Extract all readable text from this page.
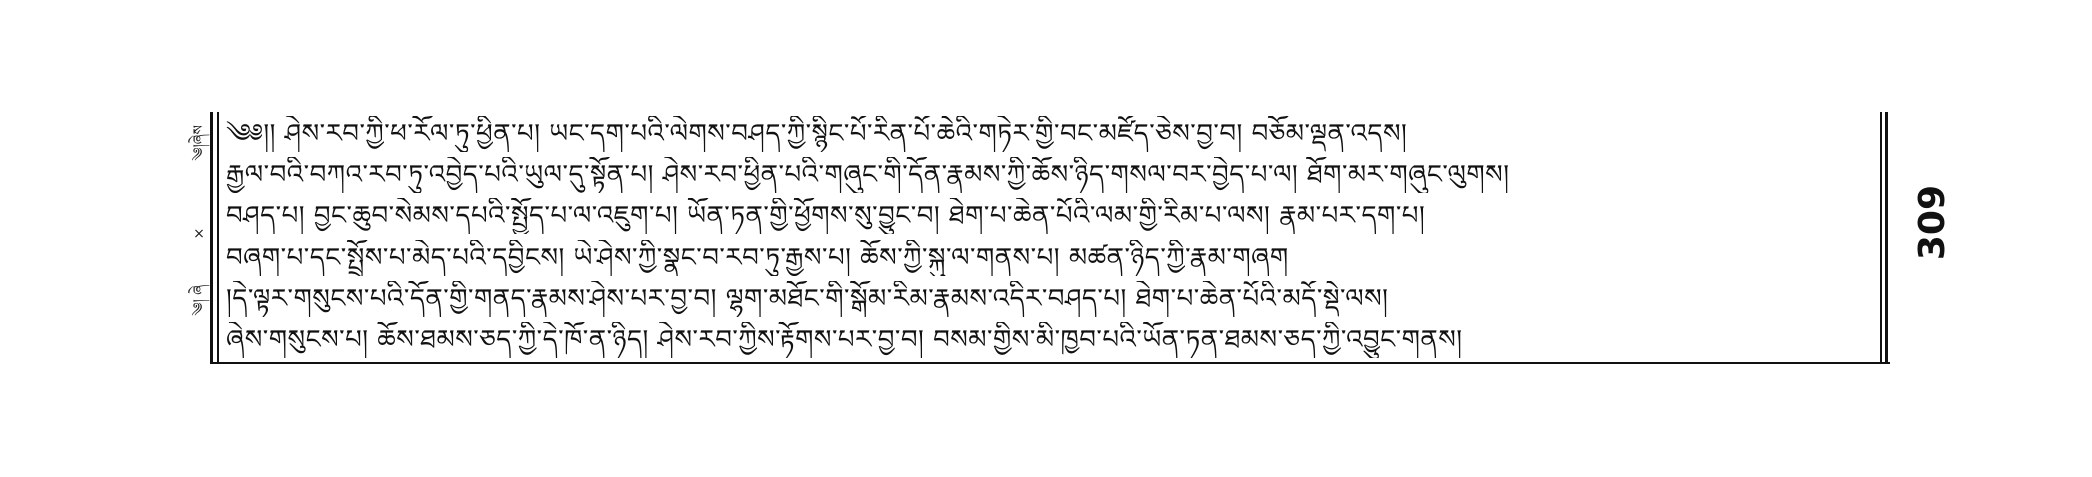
༄།ཞེས
×
༄། ཞེ
༄༅།། ཤེས་རབ་ཀྱི་ཕ་རོལ་ཏུ་ཕྱིན་པ། ཡང་དག་པའི་ལེགས་བཤད་ཀྱི་སྙིང་པོ་རིན་པོ་ཆེའི་གཏེར་གྱི་བང་མཛོད་ཅེས་བྱ་བ། བཅོམ་ལྡན་འདས།
རྒྱལ་བའི་བཀའ་རབ་ཏུ་འབྱེད་པའི་ཡུལ་དུ་སྟོན་པ། ཤེས་རབ་ཕྱིན་པའི་གཞུང་གི་དོན་རྣམས་ཀྱི་ཆོས་ཉིད་གསལ་བར་བྱེད་པ་ལ། ཐོག་མར་གཞུང་ལུགས།
བཤད་པ། བྱང་ཆུབ་སེམས་དཔའི་སྤྱོད་པ་ལ་འཇུག་པ། ཡོན་ཏན་གྱི་ཕྱོགས་སུ་བྱུང་བ། ཐེག་པ་ཆེན་པོའི་ལམ་གྱི་རིམ་པ་ལས། རྣམ་པར་དག་པ།
བཞག་པ་དང་སྤྲོས་པ་མེད་པའི་དབྱིངས། ཡེ་ཤེས་ཀྱི་སྣང་བ་རབ་ཏུ་རྒྱས་པ། ཆོས་ཀྱི་སྐུ་ལ་གནས་པ། མཚན་ཉིད་ཀྱི་རྣམ་གཞག
།དེ་ལྟར་གསུངས་པའི་དོན་གྱི་གནད་རྣམས་ཤེས་པར་བྱ་བ། ལྷག་མཐོང་གི་སྒོམ་རིམ་རྣམས་འདིར་བཤད་པ། ཐེག་པ་ཆེན་པོའི་མདོ་སྡེ་ལས།
ཞེས་གསུངས་པ། ཆོས་ཐམས་ཅད་ཀྱི་དེ་ཁོ་ན་ཉིད། ཤེས་རབ་ཀྱིས་རྟོགས་པར་བྱ་བ། བསམ་གྱིས་མི་ཁྱབ་པའི་ཡོན་ཏན་ཐམས་ཅད་ཀྱི་འབྱུང་གནས།
309
